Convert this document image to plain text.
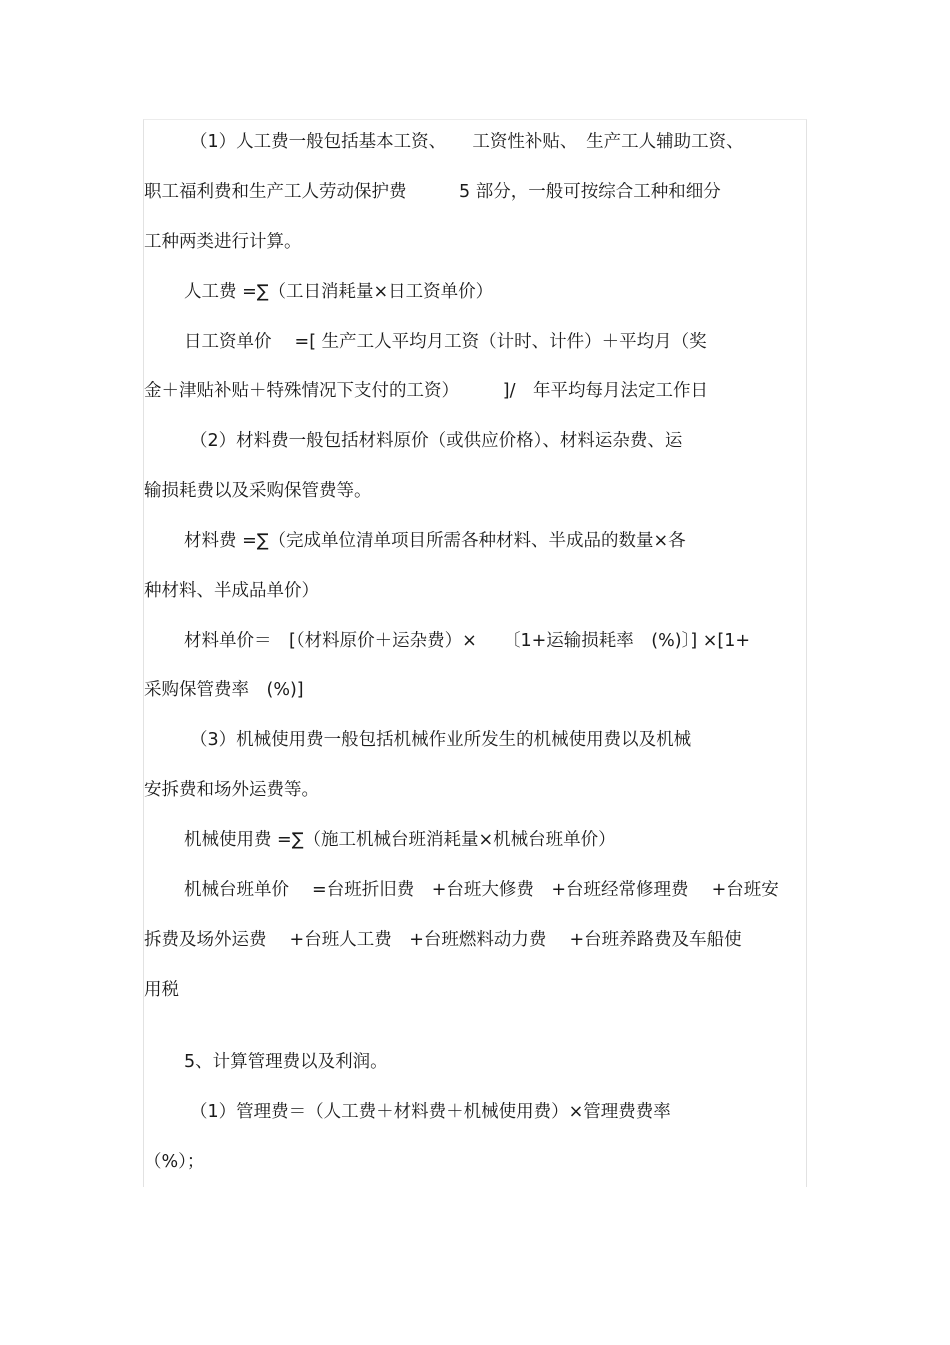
（1）人工费一般包括基本工资、　　工资性补贴、　生产工人辅助工资、
职工福利费和生产工人劳动保护费　　　5 部分，一般可按综合工种和细分
工种两类进行计算。
人工费 =∑（工日消耗量×日工资单价）
日工资单价　 =[ 生产工人平均月工资（计时、计件）＋平均月（奖
金＋津贴补贴＋特殊情况下支付的工资）　　　]/　年平均每月法定工作日
（2）材料费一般包括材料原价（或供应价格）、材料运杂费、运
输损耗费以及采购保管费等。
材料费 =∑（完成单位清单项目所需各种材料、半成品的数量×各
种材料、半成品单价）
材料单价＝　[（材料原价＋运杂费）×　　〔1+运输损耗率　(%)〕] ×[1+
采购保管费率　(%)]
（3）机械使用费一般包括机械作业所发生的机械使用费以及机械
安拆费和场外运费等。
机械使用费 =∑（施工机械台班消耗量×机械台班单价）
机械台班单价　 =台班折旧费　+台班大修费　+台班经常修理费　 +台班安
拆费及场外运费　 +台班人工费　+台班燃料动力费　 +台班养路费及车船使
用税
5、计算管理费以及利润。
（1）管理费＝（人工费＋材料费＋机械使用费）×管理费费率
（%）；
